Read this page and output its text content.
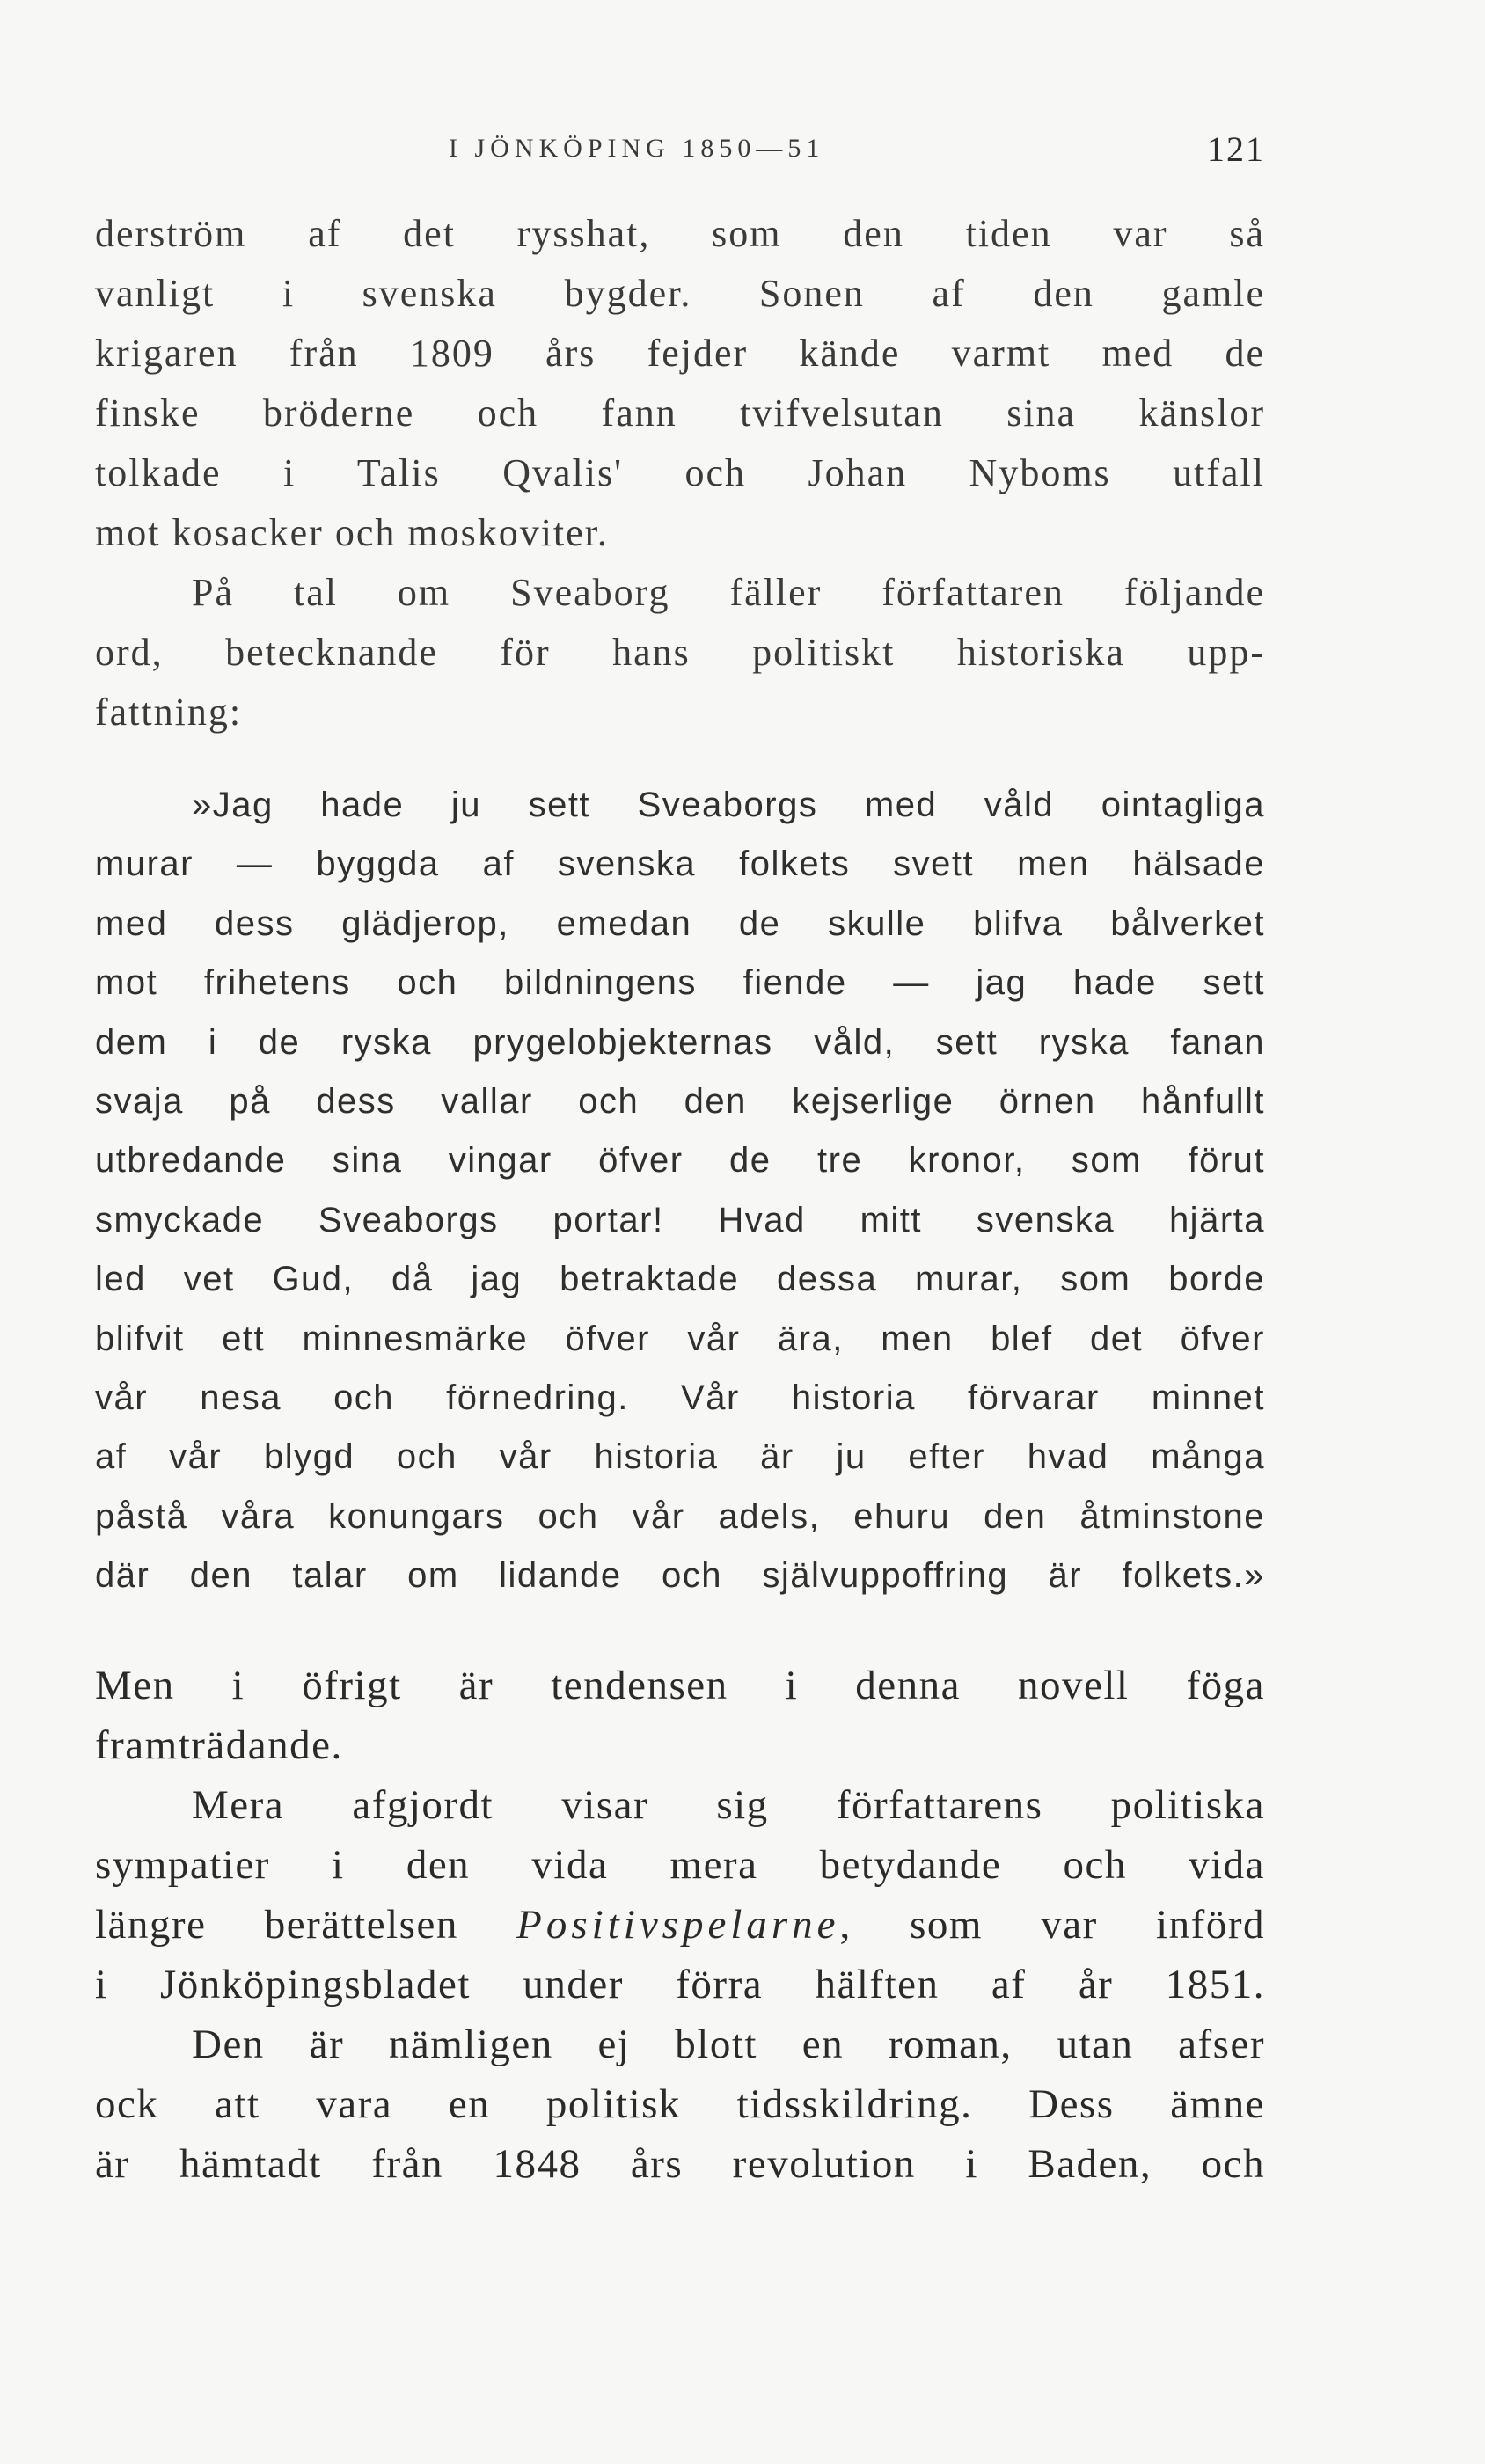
I JÖNKÖPING 1850—51	121
derström af det rysshat, som den tiden var så
vanligt i svenska bygder. Sonen af den gamle
krigaren från 1809 års fejder kände varmt med de
finske bröderne och fann tvifvelsutan sina känslor
tolkade i Talis Qvalis' och Johan Nyboms utfall
mot kosacker och moskoviter.
På tal om Sveaborg fäller författaren följande
ord, betecknande för hans politiskt historiska upp-
fattning:
»Jag hade ju sett Sveaborgs med våld ointagliga
murar — byggda af svenska folkets svett men hälsade
med dess glädjerop, emedan de skulle blifva bålverket
mot frihetens och bildningens fiende — jag hade sett
dem i de ryska prygelobjekternas våld, sett ryska fanan
svaja på dess vallar och den kejserlige örnen hånfullt
utbredande sina vingar öfver de tre kronor, som förut
smyckade Sveaborgs portar! Hvad mitt svenska hjärta
led vet Gud, då jag betraktade dessa murar, som borde
blifvit ett minnesmärke öfver vår ära, men blef det öfver
vår nesa och förnedring. Vår historia förvarar minnet
af vår blygd och vår historia är ju efter hvad många
påstå våra konungars och vår adels, ehuru den åtminstone
där den talar om lidande och självuppoffring är folkets.»
Men i öfrigt är tendensen i denna novell föga
framträdande.
Mera afgjordt visar sig författarens politiska
sympatier i den vida mera betydande och vida
längre berättelsen Positivspelarne, som var införd
i Jönköpingsbladet under förra hälften af år 1851.
Den är nämligen ej blott en roman, utan afser
ock att vara en politisk tidsskildring. Dess ämne
är hämtadt från 1848 års revolution i Baden, och
